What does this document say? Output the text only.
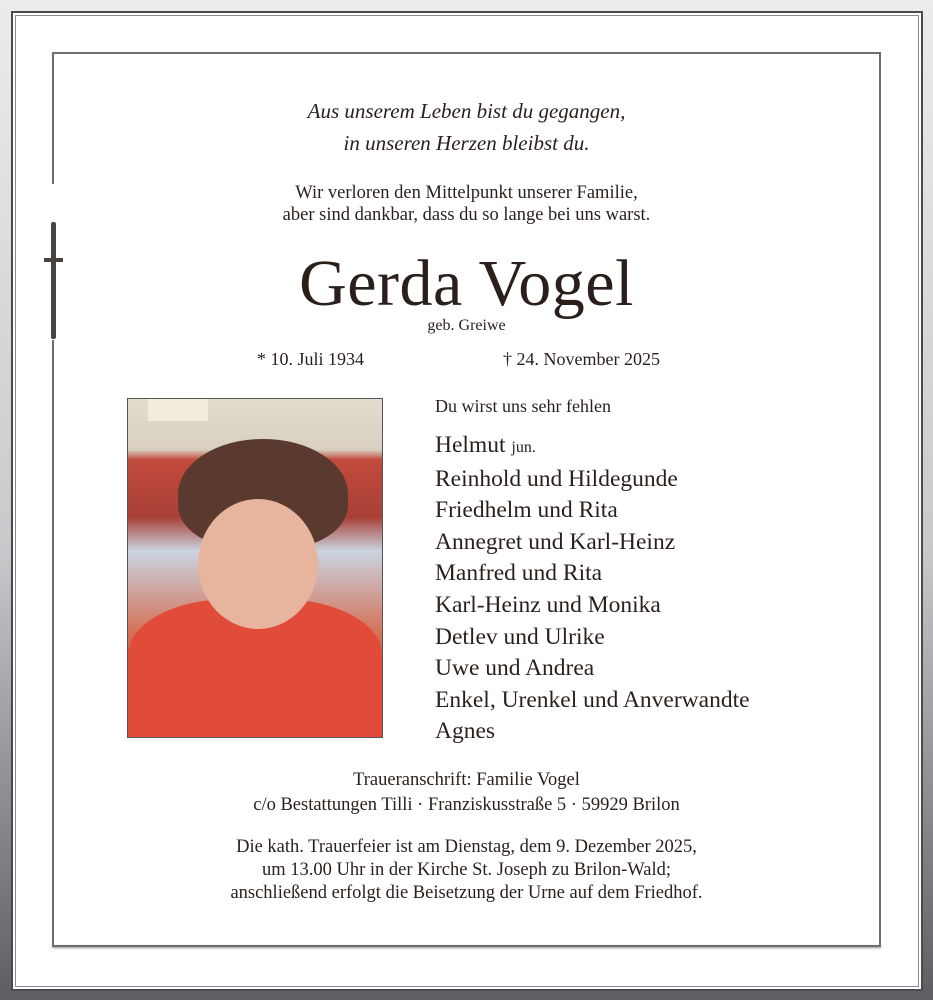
Aus unserem Leben bist du gegangen,
in unseren Herzen bleibst du.
Wir verloren den Mittelpunkt unserer Familie,
aber sind dankbar, dass du so lange bei uns warst.
Gerda Vogel
geb. Greiwe
* 10. Juli 1934	† 24. November 2025
Du wirst uns sehr fehlen
Helmut jun.
Reinhold und Hildegunde
Friedhelm und Rita
Annegret und Karl-Heinz
Manfred und Rita
Karl-Heinz und Monika
Detlev und Ulrike
Uwe und Andrea
Enkel, Urenkel und Anverwandte
Agnes
Traueranschrift: Familie Vogel
c/o Bestattungen Tilli · Franziskusstraße 5 · 59929 Brilon
Die kath. Trauerfeier ist am Dienstag, dem 9. Dezember 2025,
um 13.00 Uhr in der Kirche St. Joseph zu Brilon-Wald;
anschließend erfolgt die Beisetzung der Urne auf dem Friedhof.
